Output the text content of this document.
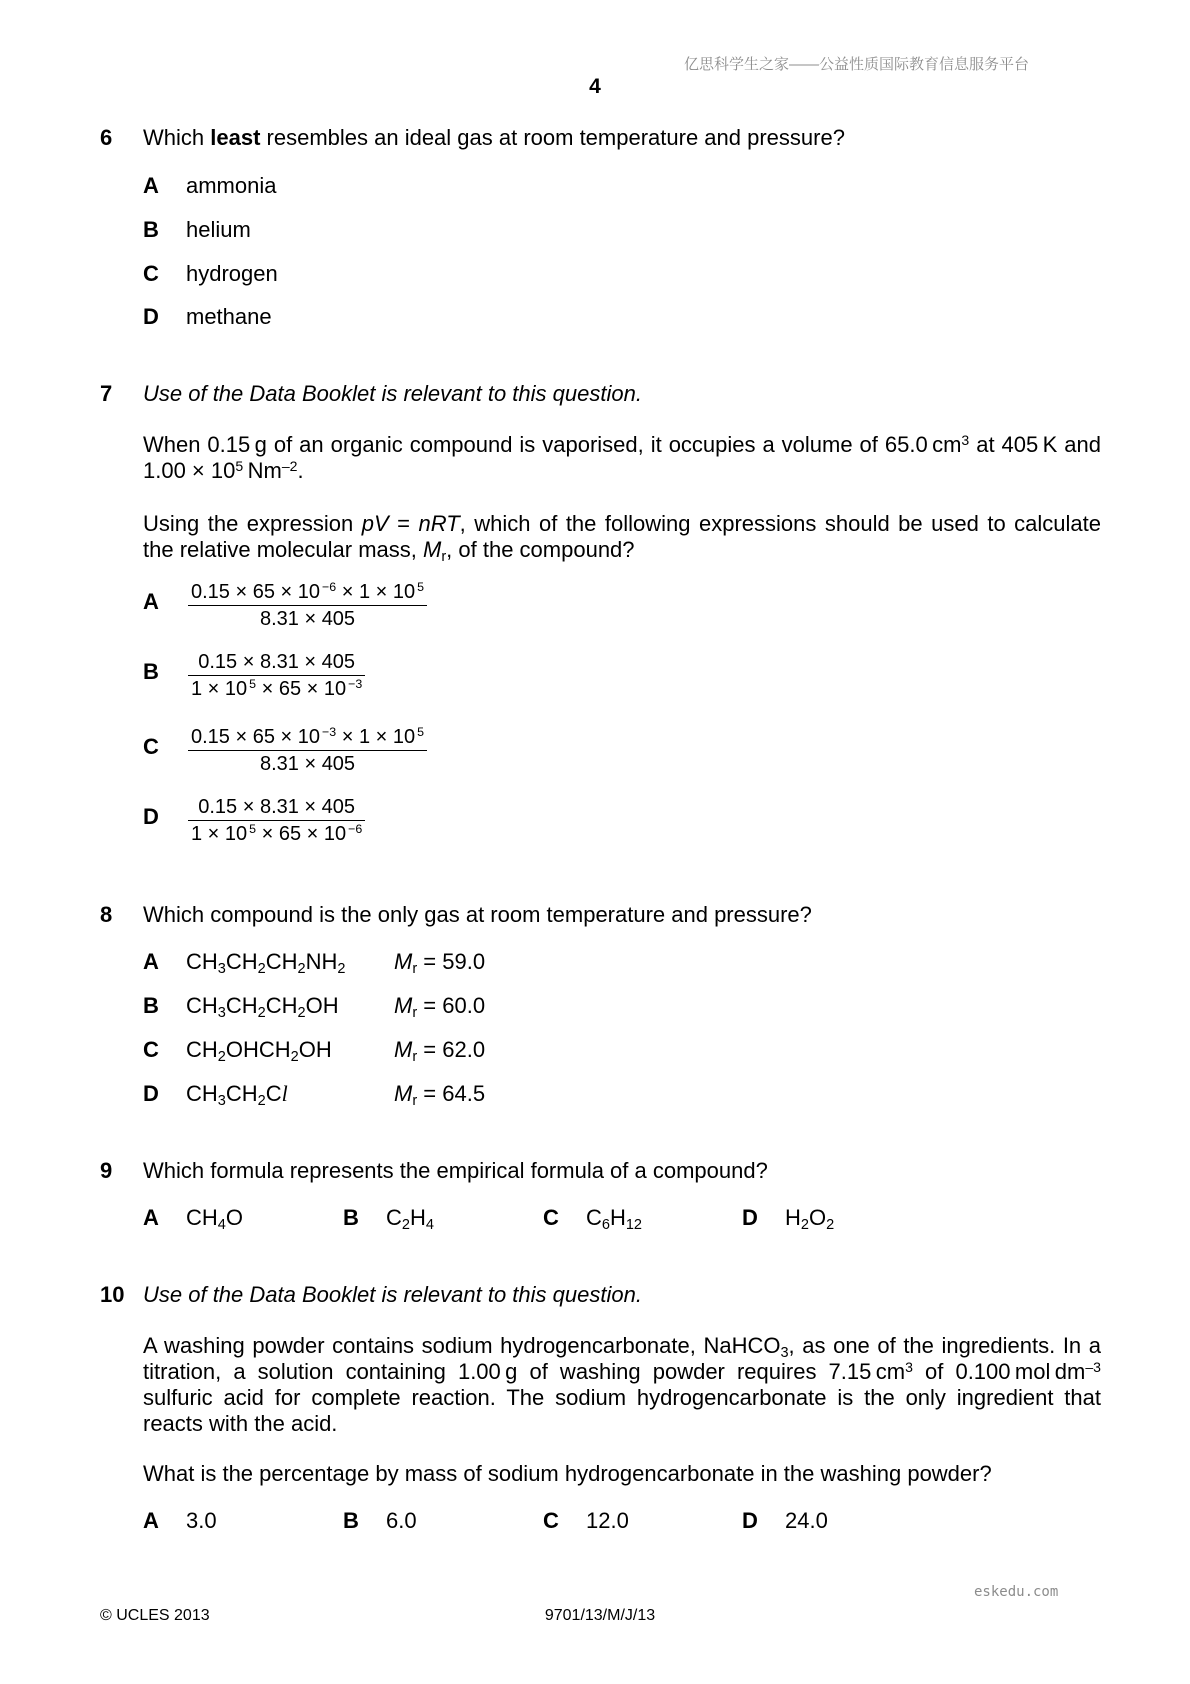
亿思科学生之家——公益性质国际教育信息服务平台
4
6 Which least resembles an ideal gas at room temperature and pressure?
A ammonia
B helium
C hydrogen
D methane
7 Use of the Data Booklet is relevant to this question.
When 0.15 g of an organic compound is vaporised, it occupies a volume of 65.0 $cm^3$ at 405 K and
$1.00 \times 10^5$ $Nm^{-2}$.
Using the expression pV = nRT, which of the following expressions should be used to calculate
the relative molecular mass, Mr, of the compound?
A 0.15 × 65 × 10 $^{-6}$ × 1 × 10 $^5$
8.31 × 405
B 0.15 × 8.31 × 405
1 × 10 $^5$ × 65 × 10 $^{-3}$
C 0.15 × 65 × 10 $^{-3}$ × 1 × 10 $^5$
8.31 × 405
D 0.15 × 8.31 × 405
1 × 10 $^5$ × 65 × 10 $^{-6}$
8 Which compound is the only gas at room temperature and pressure?
A CH3CH2CH2NH2 Mr = 59.0
B CH3CH2CH2OH	Mr = 60.0
C CH2OHCH2OH	Mr = 62.0
D CH3CH2Cl	Mr = 64.5
9 Which formula represents the empirical formula of a compound?
A CH4O	B C2H4	C C6H12	D H2O2
10 Use of the Data Booklet is relevant to this question.
A washing powder contains sodium hydrogencarbonate, NaHCO3, as one of the ingredients. In a
titration, a solution containing 1.00 g of washing powder requires 7.15 $cm^3$ of 0.100 mol $dm^{-3}$
sulfuric acid for complete reaction. The sodium hydrogencarbonate is the only ingredient that
reacts with the acid.
What is the percentage by mass of sodium hydrogencarbonate in the washing powder?
A 3.0	B 6.0	C 12.0	D 24.0
eskedu.com
© UCLES 2013	9701/13/M/J/13
